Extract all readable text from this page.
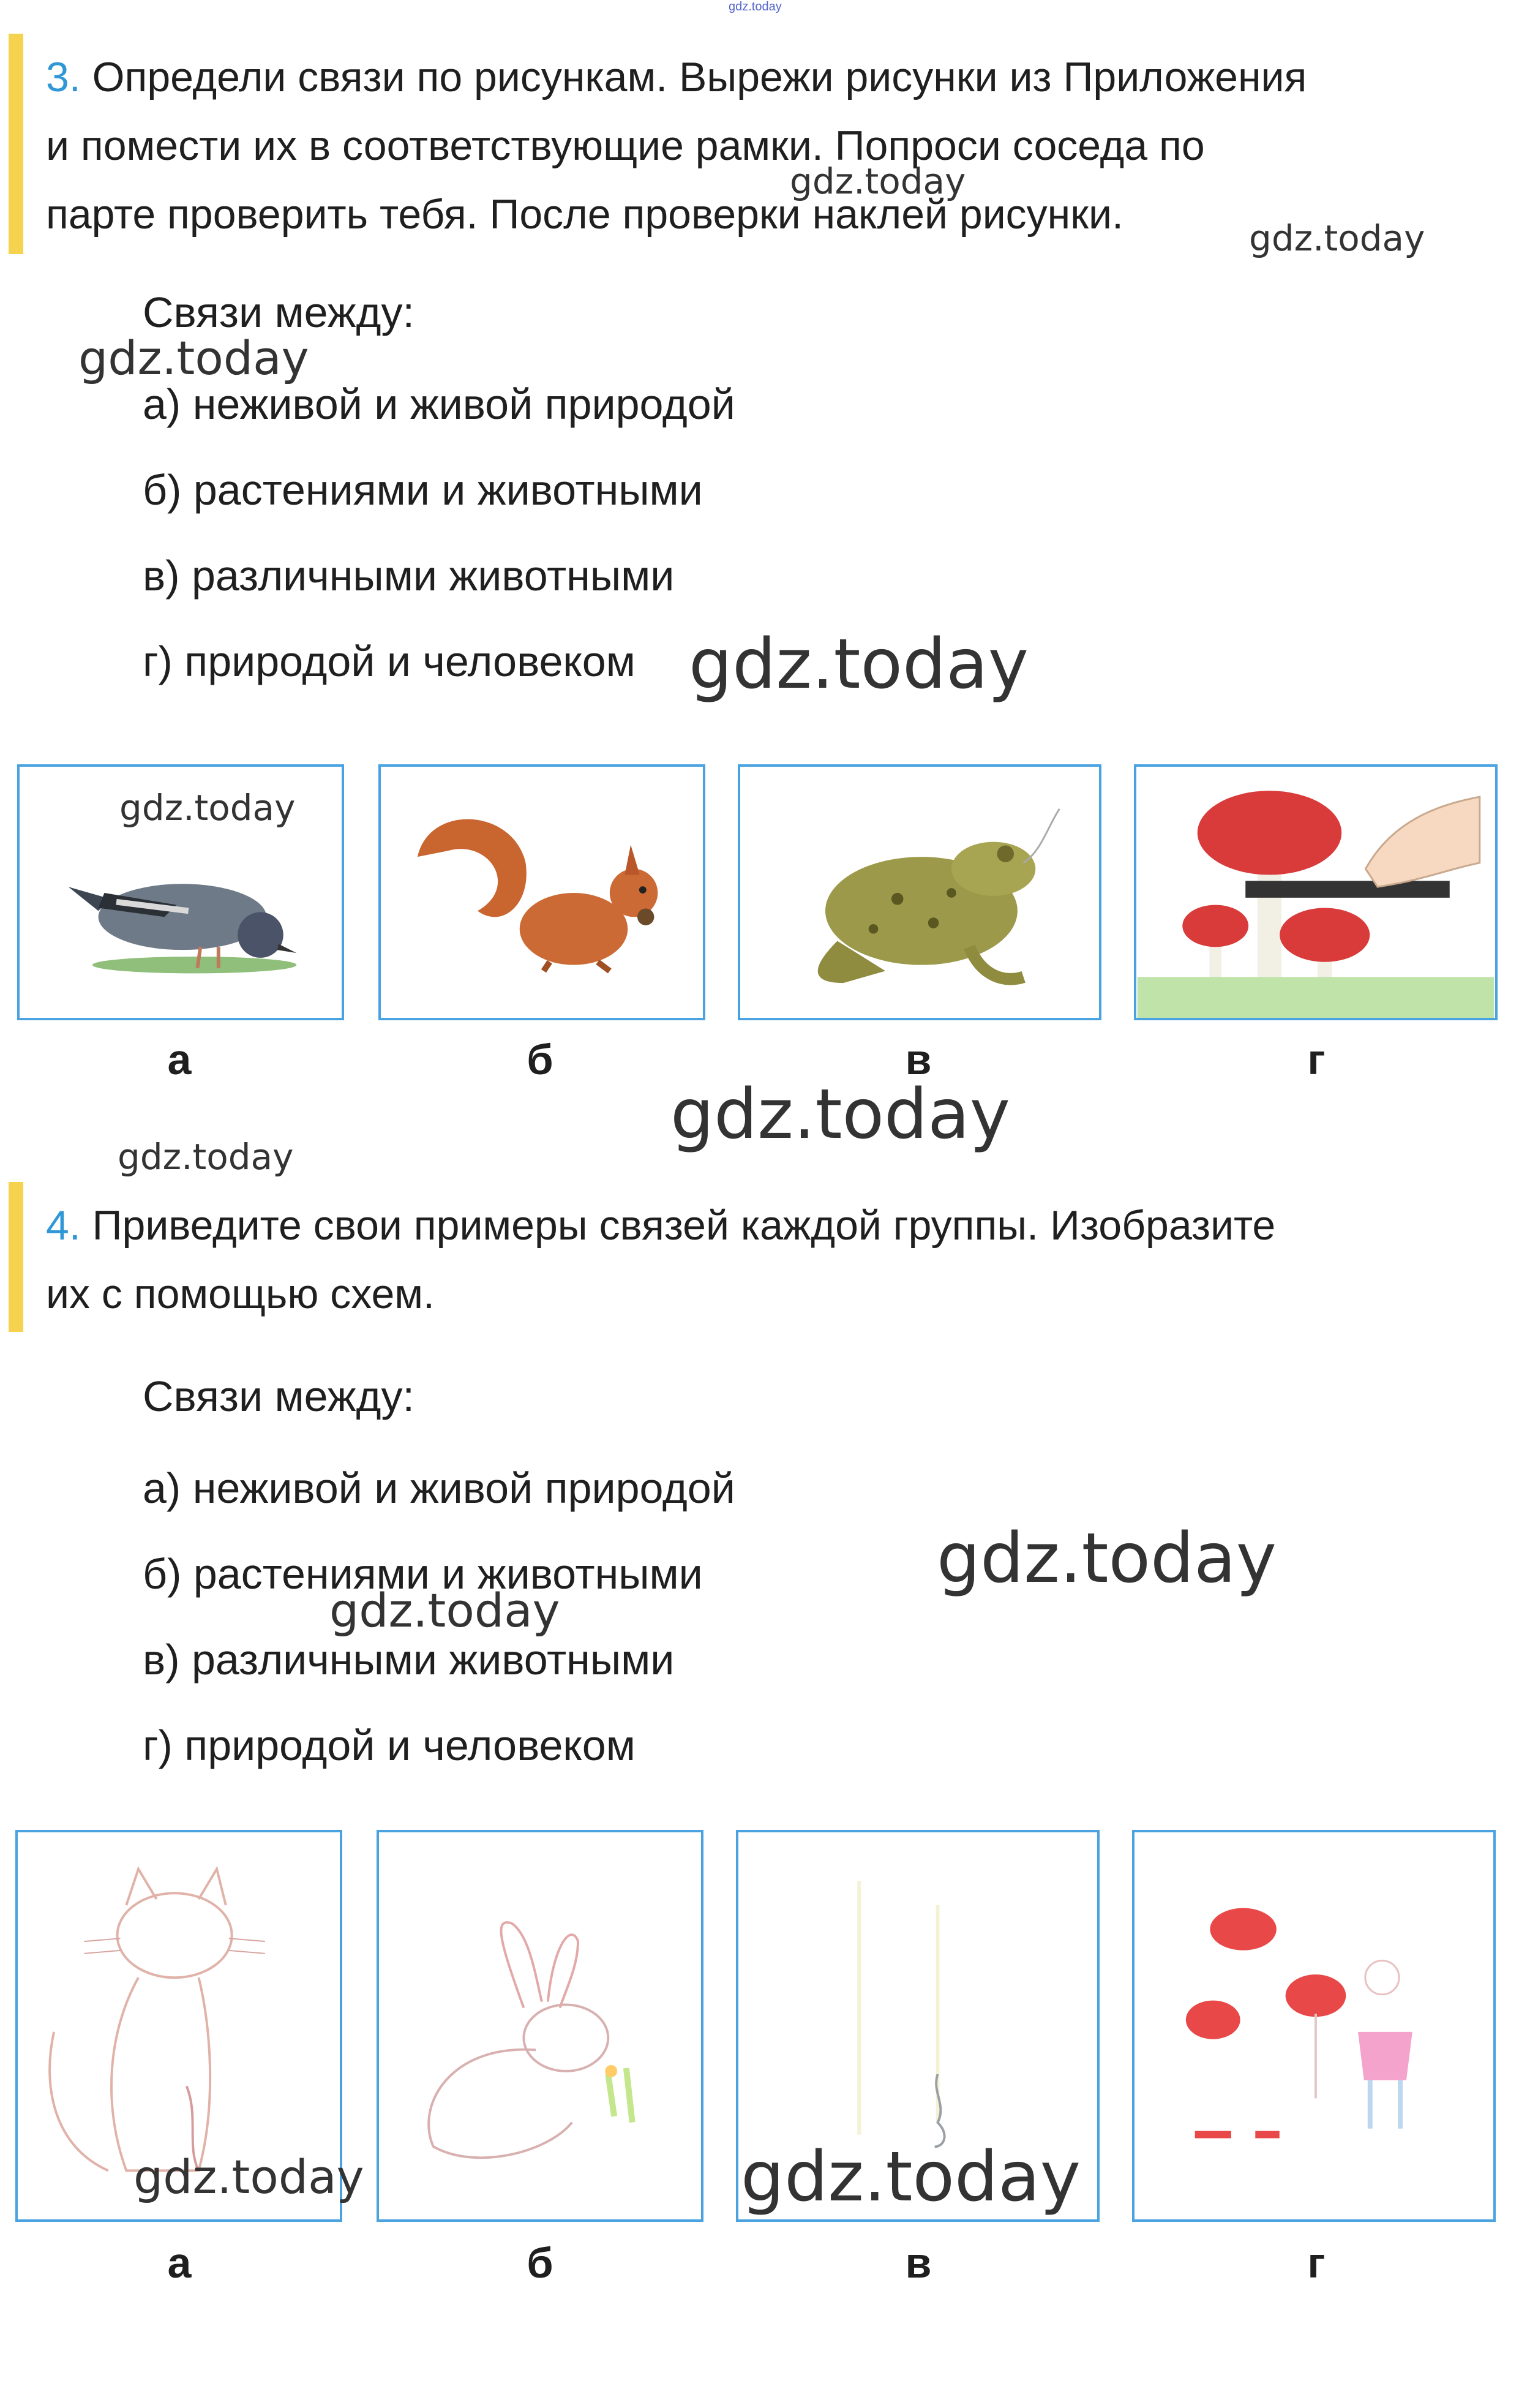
gdz.today
3. Определи связи по рисункам. Вырежи рисунки из Приложения
и помести их в соответствующие рамки. Попроси соседа по
парте проверить тебя. После проверки наклей рисунки.
Связи между:
а) неживой и живой природой
б) растениями и животными
в) различными животными
г) природой и человеком
а	б	в	г
4. Приведите свои примеры связей каждой группы. Изобразите
их с помощью схем.
Связи между:
а) неживой и живой природой
б) растениями и животными
в) различными животными
г) природой и человеком
а	б	в	г
gdz.today
gdz.today
gdz.today
gdz.today
gdz.today
gdz.today
gdz.today
gdz.today
gdz.today
gdz.today	gdz.today
